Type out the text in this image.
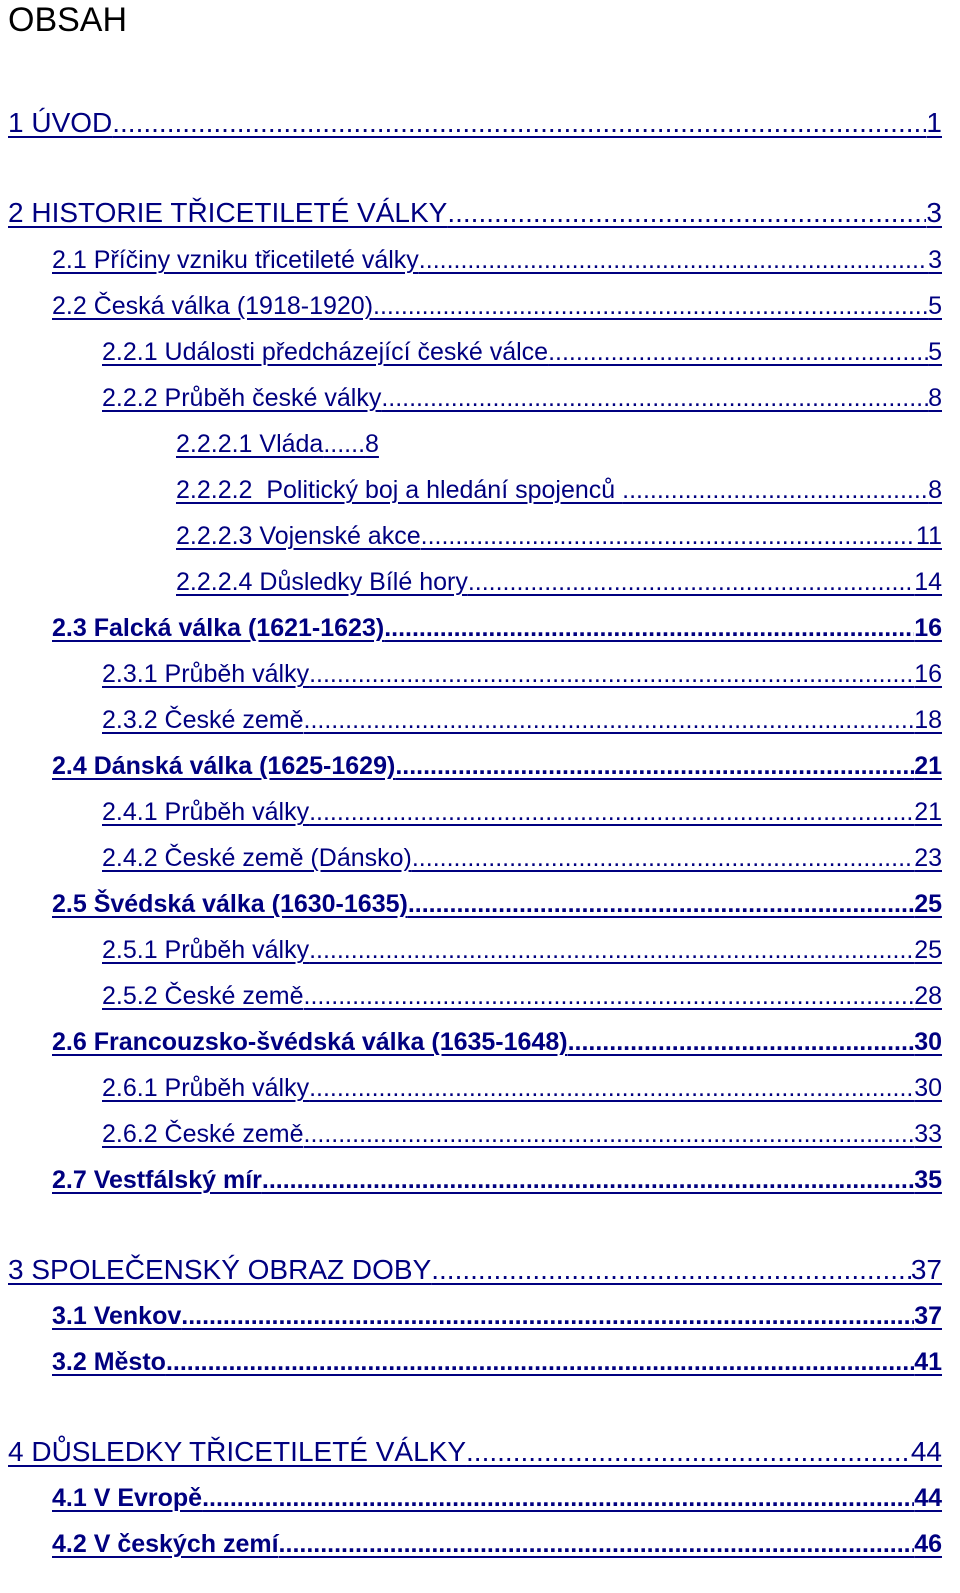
OBSAH
1 ÚVOD .....	1
2 HISTORIE TŘICETILETÉ VÁLKY .....	3
2.1 Příčiny vzniku třicetileté války .....	3
2.2 Česká válka (1918-1920) .....	5
2.2.1 Události předcházející české válce .....	5
2.2.2 Průběh české války .....	8
2.2.2.1 Vláda ...... 8
2.2.2.2  Politický boj a hledání spojenců .....	8
2.2.2.3 Vojenské akce .....	11
2.2.2.4 Důsledky Bílé hory .....	14
2.3 Falcká válka (1621-1623) .....	16
2.3.1 Průběh války .....	16
2.3.2 České země .....	18
2.4 Dánská válka (1625-1629) .....	21
2.4.1 Průběh války .....	21
2.4.2 České země (Dánsko) .....	23
2.5 Švédská válka (1630-1635) .....	25
2.5.1 Průběh války .....	25
2.5.2 České země .....	28
2.6 Francouzsko-švédská válka (1635-1648) .....	30
2.6.1 Průběh války .....	30
2.6.2 České země .....	33
2.7 Vestfálský mír .....	35
3 SPOLEČENSKÝ OBRAZ DOBY .....	37
3.1 Venkov .....	37
3.2 Město .....	41
4 DŮSLEDKY TŘICETILETÉ VÁLKY .....	44
4.1 V Evropě .....	44
4.2 V českých zemí .....	46
